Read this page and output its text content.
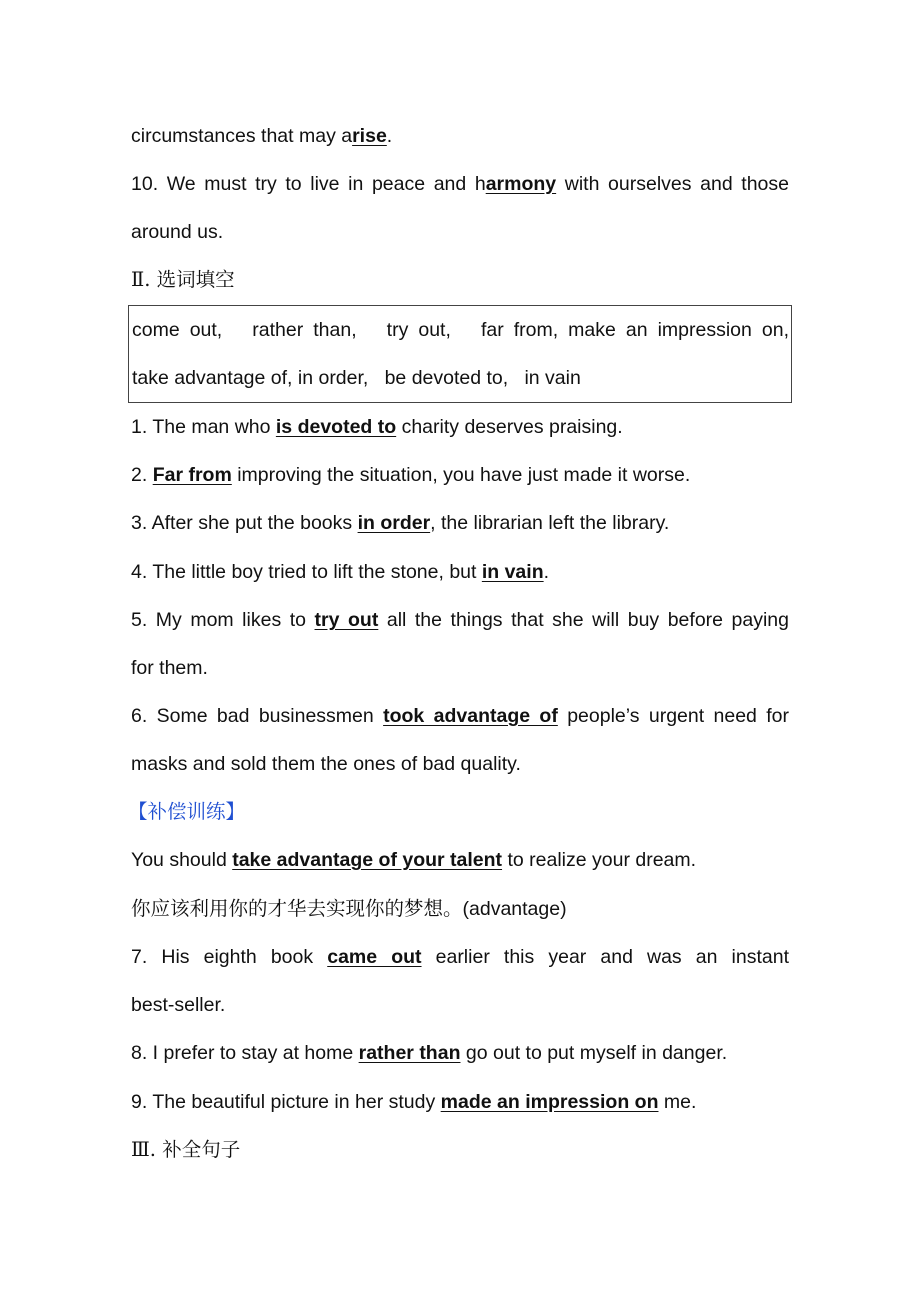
circumstances that may arise.
10. We must try to live in peace and harmony with ourselves and those
around us.
Ⅱ. 选词填空
come out,   rather than,   try out,   far from, make an impression on,
take advantage of, in order,   be devoted to,   in vain
1. The man who is devoted to charity deserves praising.
2. Far from improving the situation, you have just made it worse.
3. After she put the books in order, the librarian left the library.
4. The little boy tried to lift the stone, but in vain.
5. My mom likes to try out all the things that she will buy before paying
for them.
6. Some bad businessmen took advantage of people’s urgent need for
masks and sold them the ones of bad quality.
【补偿训练】
You should take advantage of your talent to realize your dream.
你应该利用你的才华去实现你的梦想。(advantage)
7. His eighth book came out earlier this year and was an instant
best-seller.
8. I prefer to stay at home rather than go out to put myself in danger.
9. The beautiful picture in her study made an impression on me.
Ⅲ. 补全句子
